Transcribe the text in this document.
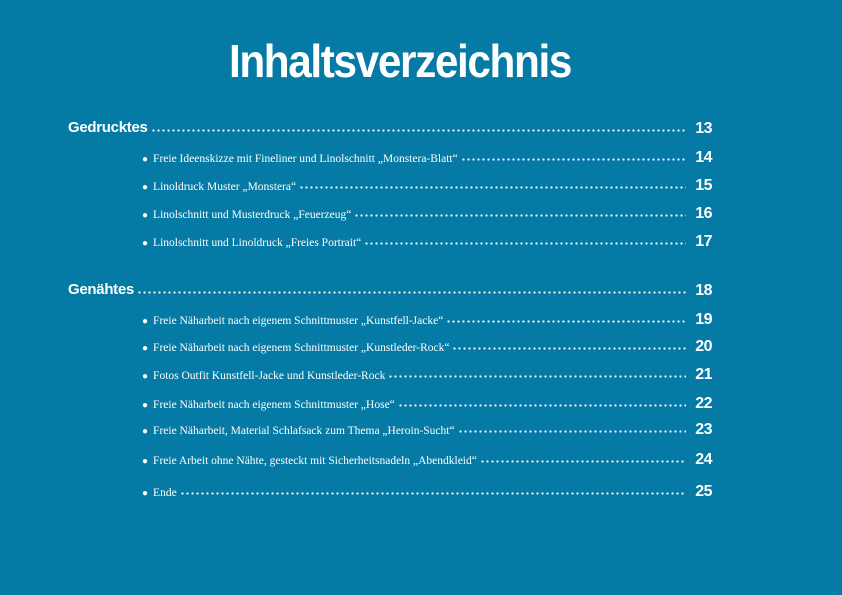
Inhaltsverzeichnis
Gedrucktes	13
● Freie Ideenskizze mit Fineliner und Linolschnitt „Monstera-Blatt“	14
● Linoldruck Muster „Monstera“	15
● Linolschnitt und Musterdruck „Feuerzeug“	16
● Linolschnitt und Linoldruck „Freies Portrait“	17
Genähtes	18
● Freie Näharbeit nach eigenem Schnittmuster „Kunstfell-Jacke“	19
● Freie Näharbeit nach eigenem Schnittmuster „Kunstleder-Rock“	20
● Fotos Outfit Kunstfell-Jacke und Kunstleder-Rock	21
● Freie Näharbeit nach eigenem Schnittmuster „Hose“	22
● Freie Näharbeit, Material Schlafsack zum Thema „Heroin-Sucht“	23
● Freie Arbeit ohne Nähte, gesteckt mit Sicherheitsnadeln „Abendkleid“	24
● Ende	25
